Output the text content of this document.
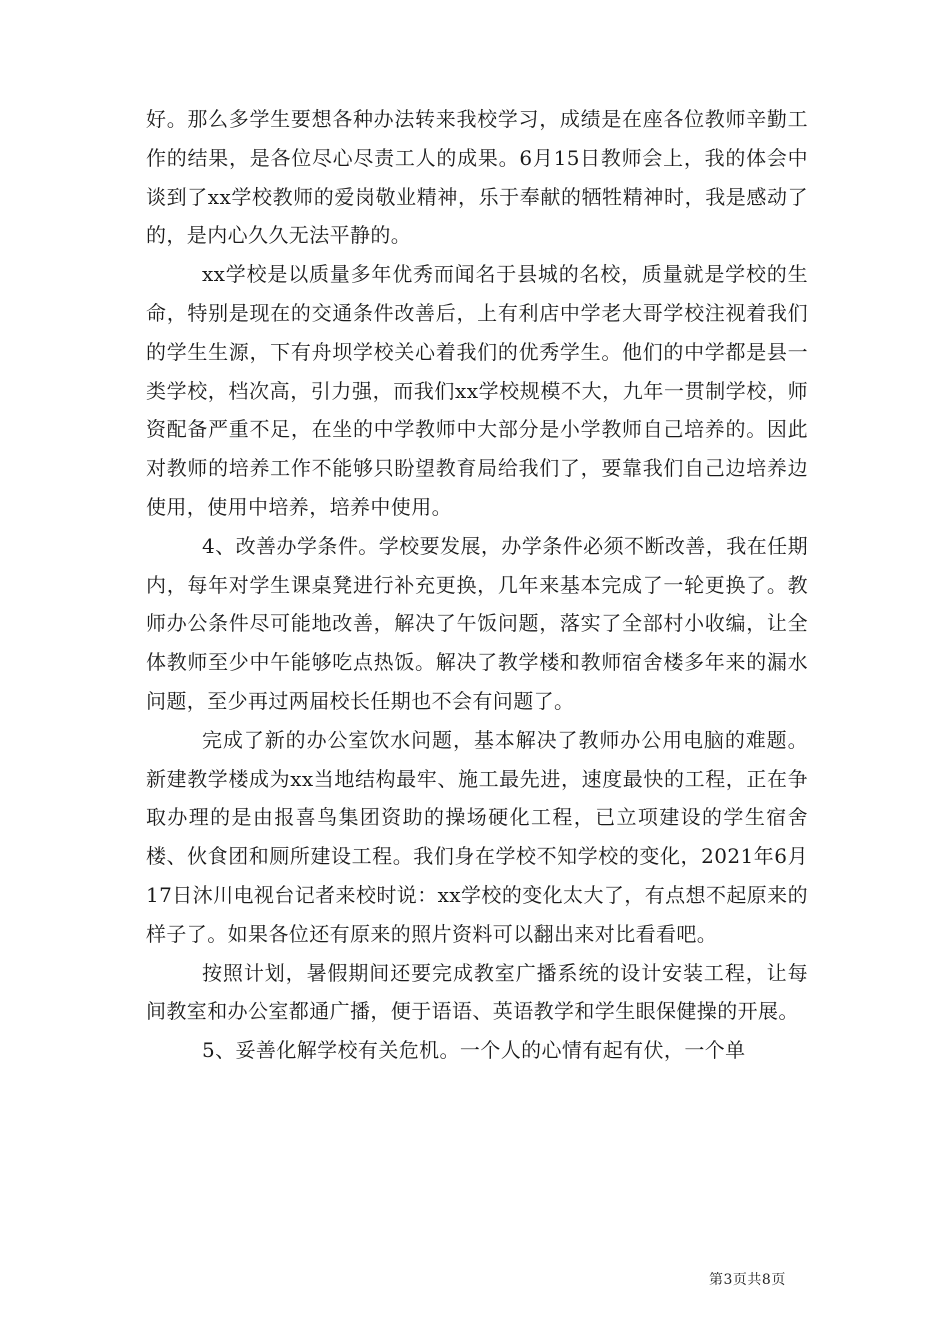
好。那么多学生要想各种办法转来我校学习，成绩是在座各位教师辛勤工作的结果，是各位尽心尽责工人的成果。6月15日教师会上，我的体会中谈到了xx学校教师的爱岗敬业精神，乐于奉献的牺牲精神时，我是感动了的，是内心久久无法平静的。

xx学校是以质量多年优秀而闻名于县城的名校，质量就是学校的生命，特别是现在的交通条件改善后，上有利店中学老大哥学校注视着我们的学生生源，下有舟坝学校关心着我们的优秀学生。他们的中学都是县一类学校，档次高，引力强，而我们xx学校规模不大，九年一贯制学校，师资配备严重不足，在坐的中学教师中大部分是小学教师自己培养的。因此对教师的培养工作不能够只盼望教育局给我们了，要靠我们自己边培养边使用，使用中培养，培养中使用。

4、改善办学条件。学校要发展，办学条件必须不断改善，我在任期内，每年对学生课桌凳进行补充更换，几年来基本完成了一轮更换了。教师办公条件尽可能地改善，解决了午饭问题，落实了全部村小收编，让全体教师至少中午能够吃点热饭。解决了教学楼和教师宿舍楼多年来的漏水问题，至少再过两届校长任期也不会有问题了。

完成了新的办公室饮水问题，基本解决了教师办公用电脑的难题。新建教学楼成为xx当地结构最牢、施工最先进，速度最快的工程，正在争取办理的是由报喜鸟集团资助的操场硬化工程，已立项建设的学生宿舍楼、伙食团和厕所建设工程。我们身在学校不知学校的变化，2021年6月17日沐川电视台记者来校时说：xx学校的变化太大了，有点想不起原来的样子了。如果各位还有原来的照片资料可以翻出来对比看看吧。

按照计划，暑假期间还要完成教室广播系统的设计安装工程，让每间教室和办公室都通广播，便于语语、英语教学和学生眼保健操的开展。

5、妥善化解学校有关危机。一个人的心情有起有伏，一个单

第3页共8页
